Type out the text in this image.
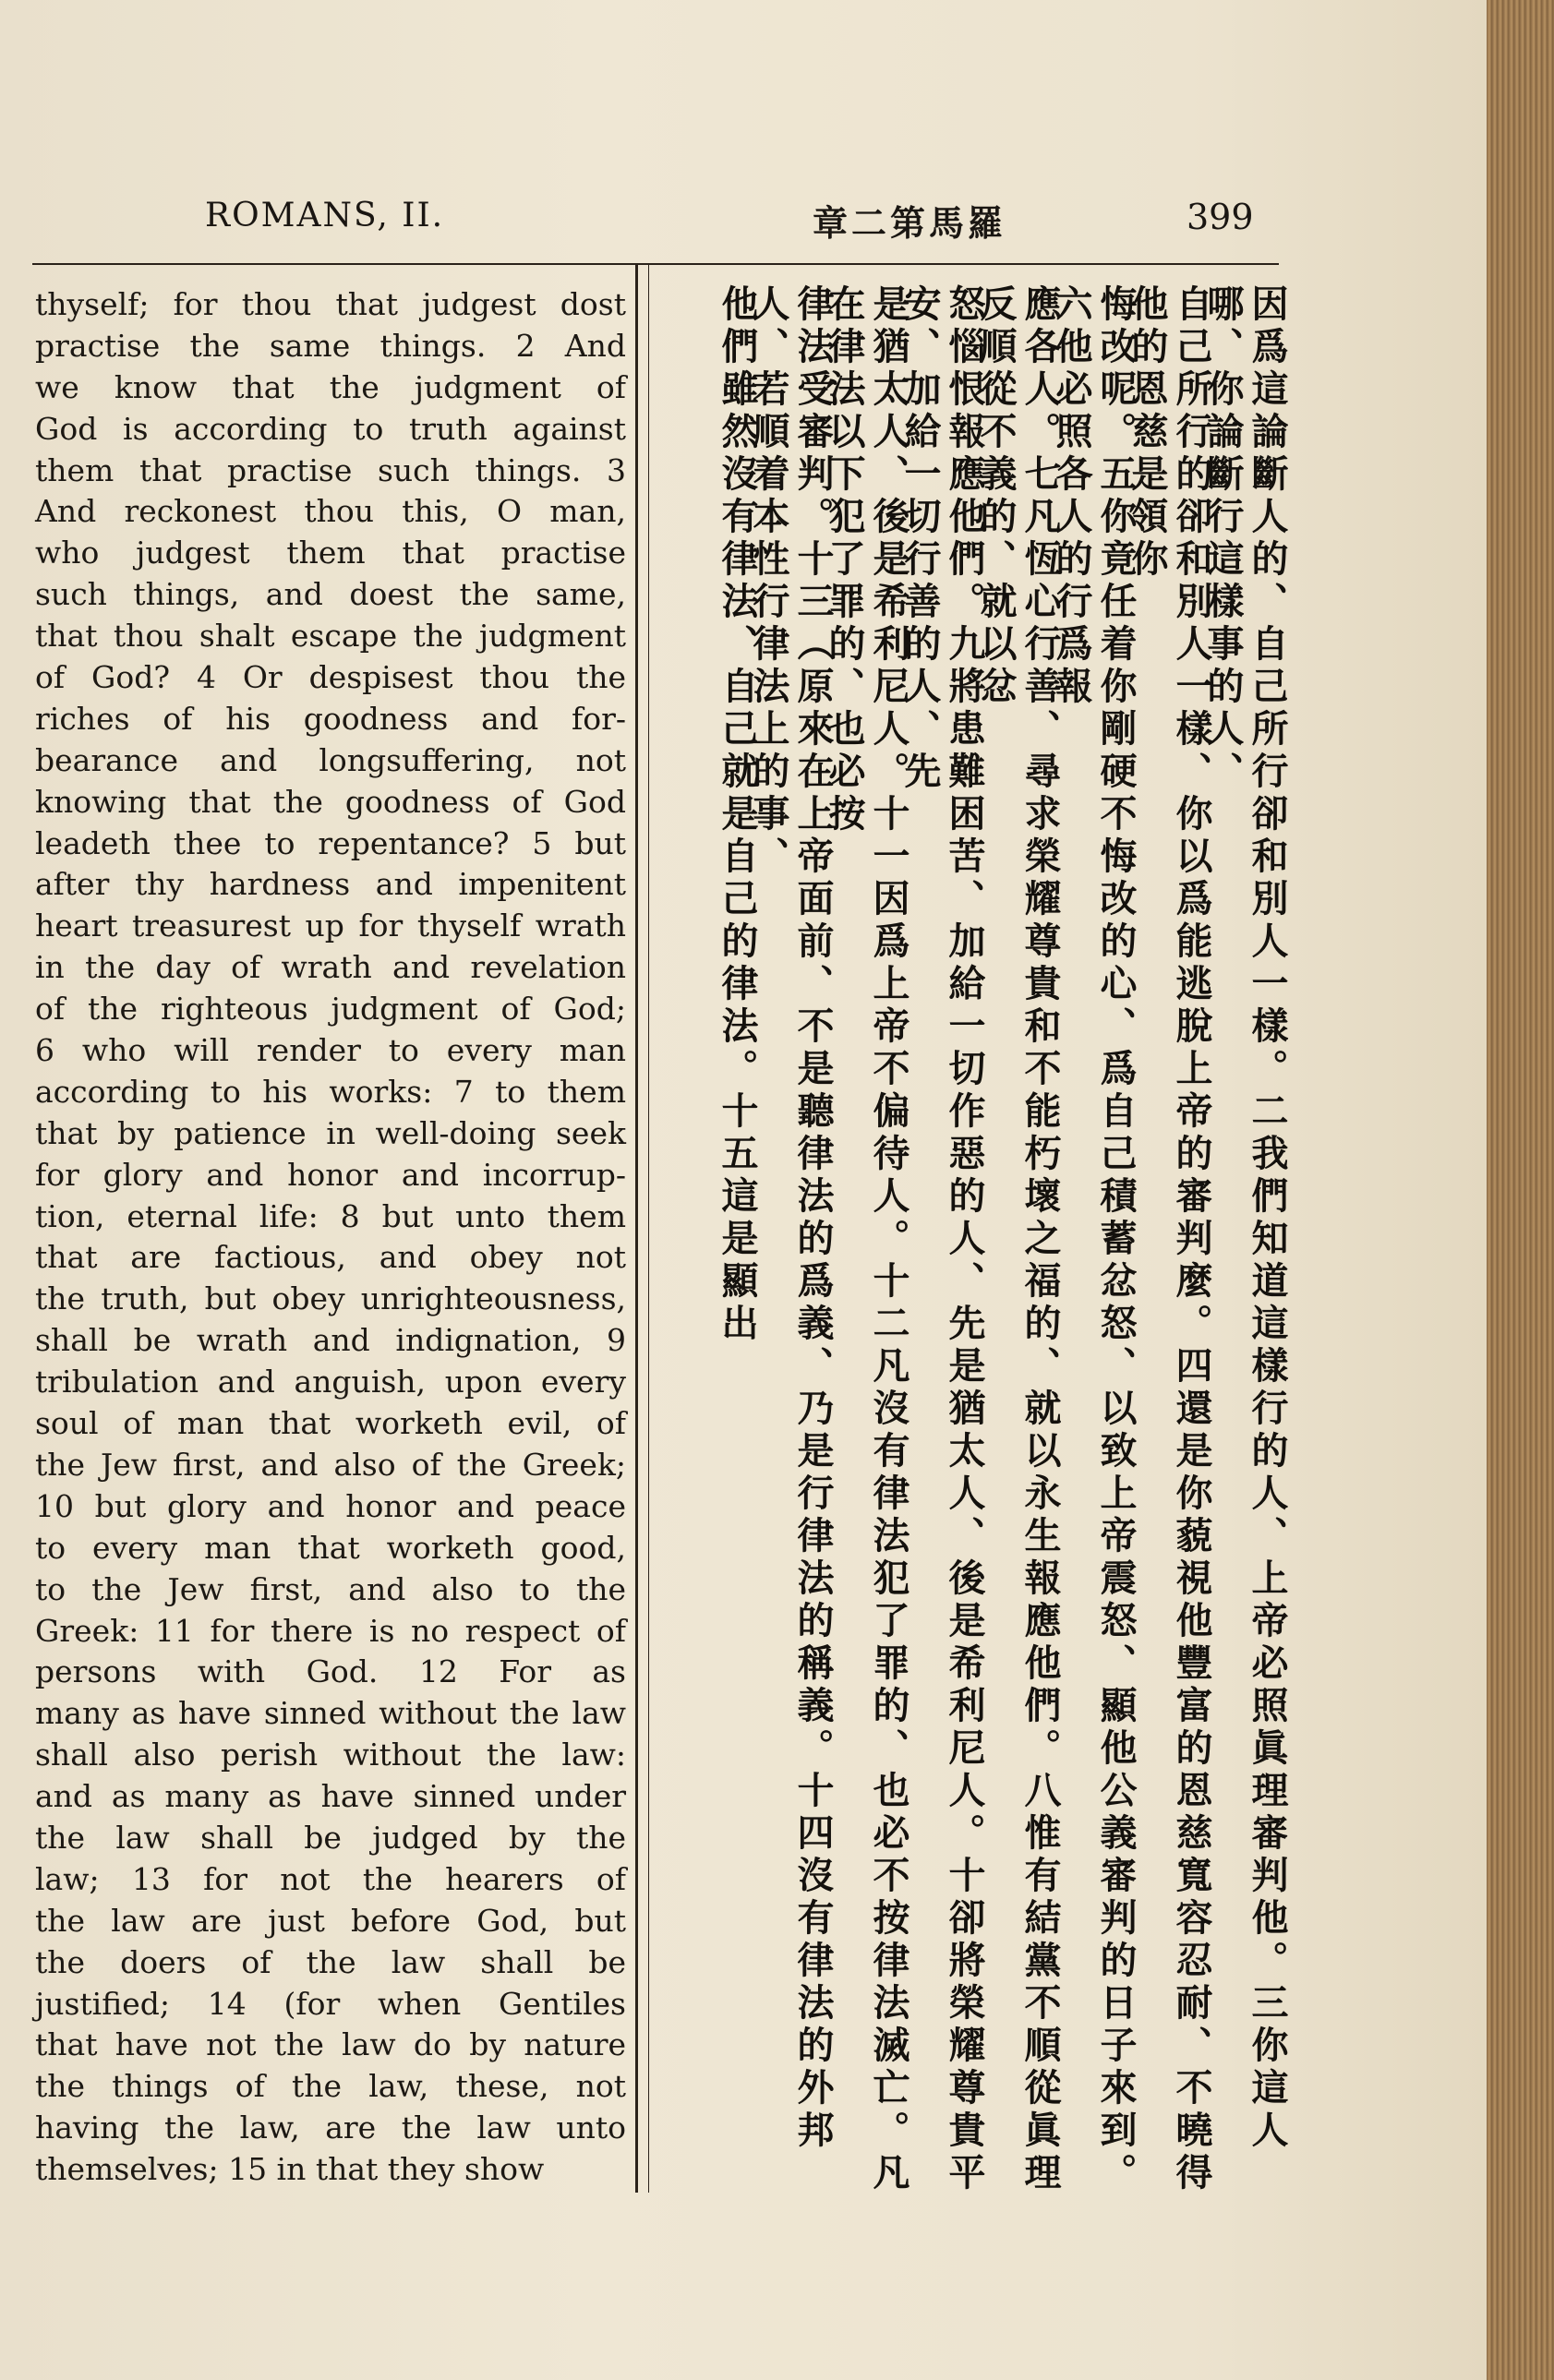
ROMANS, II.	章二第馬羅	399
thyself; for thou that judgest dost
practise the same things. 2 And
we know that the judgment of
God is according to truth against
them that practise such things. 3
And reckonest thou this, O man,
who judgest them that practise
such things, and doest the same,
that thou shalt escape the judgment
of God? 4 Or despisest thou the
riches of his goodness and for-
bearance and longsuffering, not
knowing that the goodness of God
leadeth thee to repentance? 5 but
after thy hardness and impenitent
heart treasurest up for thyself wrath
in the day of wrath and revelation
of the righteous judgment of God;
6 who will render to every man
according to his works: 7 to them
that by patience in well-doing seek
for glory and honor and incorrup-
tion, eternal life: 8 but unto them
that are factious, and obey not
the truth, but obey unrighteousness,
shall be wrath and indignation, 9
tribulation and anguish, upon every
soul of man that worketh evil, of
the Jew first, and also of the Greek;
10 but glory and honor and peace
to every man that worketh good,
to the Jew first, and also to the
Greek: 11 for there is no respect of
persons with God. 12 For as
many as have sinned without the law
shall also perish without the law:
and as many as have sinned under
the law shall be judged by the
law; 13 for not the hearers of
the law are just before God, but
the doers of the law shall be
justified; 14 (for when Gentiles
that have not the law do by nature
the things of the law, these, not
having the law, are the law unto
themselves; 15 in that they show
因爲這論斷人的、自己所行卻和別人一樣。二我們知道這樣行的人、上帝必照眞理審判他。三你這人哪、你論斷行這樣事的人、
自己所行的卻和別人一樣、你以爲能逃脫上帝的審判麼。四還是你藐視他豐富的恩慈寬容忍耐、不曉得他的恩慈是領你
悔改呢。五你竟任着你剛硬不悔改的心、爲自己積蓄忿怒、以致上帝震怒、顯他公義審判的日子來到。六他必照各人的行爲報
應各人。七凡恆心行善、尋求榮耀尊貴和不能朽壞之福的、就以永生報應他們。八惟有結黨不順從眞理反順從不義的、就以忿
怒惱恨報應他們。九將患難困苦、加給一切作惡的人、先是猶太人、後是希利尼人。十卻將榮耀尊貴平安、加給一切行善的人、先
是猶太人、後是希利尼人。十一因爲上帝不偏待人。十二凡沒有律法犯了罪的、也必不按律法滅亡。凡在律法以下犯了罪的、也必按
律法受審判。十三（原來在上帝面前、不是聽律法的爲義、乃是行律法的稱義。十四沒有律法的外邦人、若順着本性行律法上的事、
他們雖然沒有律法、自己就是自己的律法。十五這是顯出
